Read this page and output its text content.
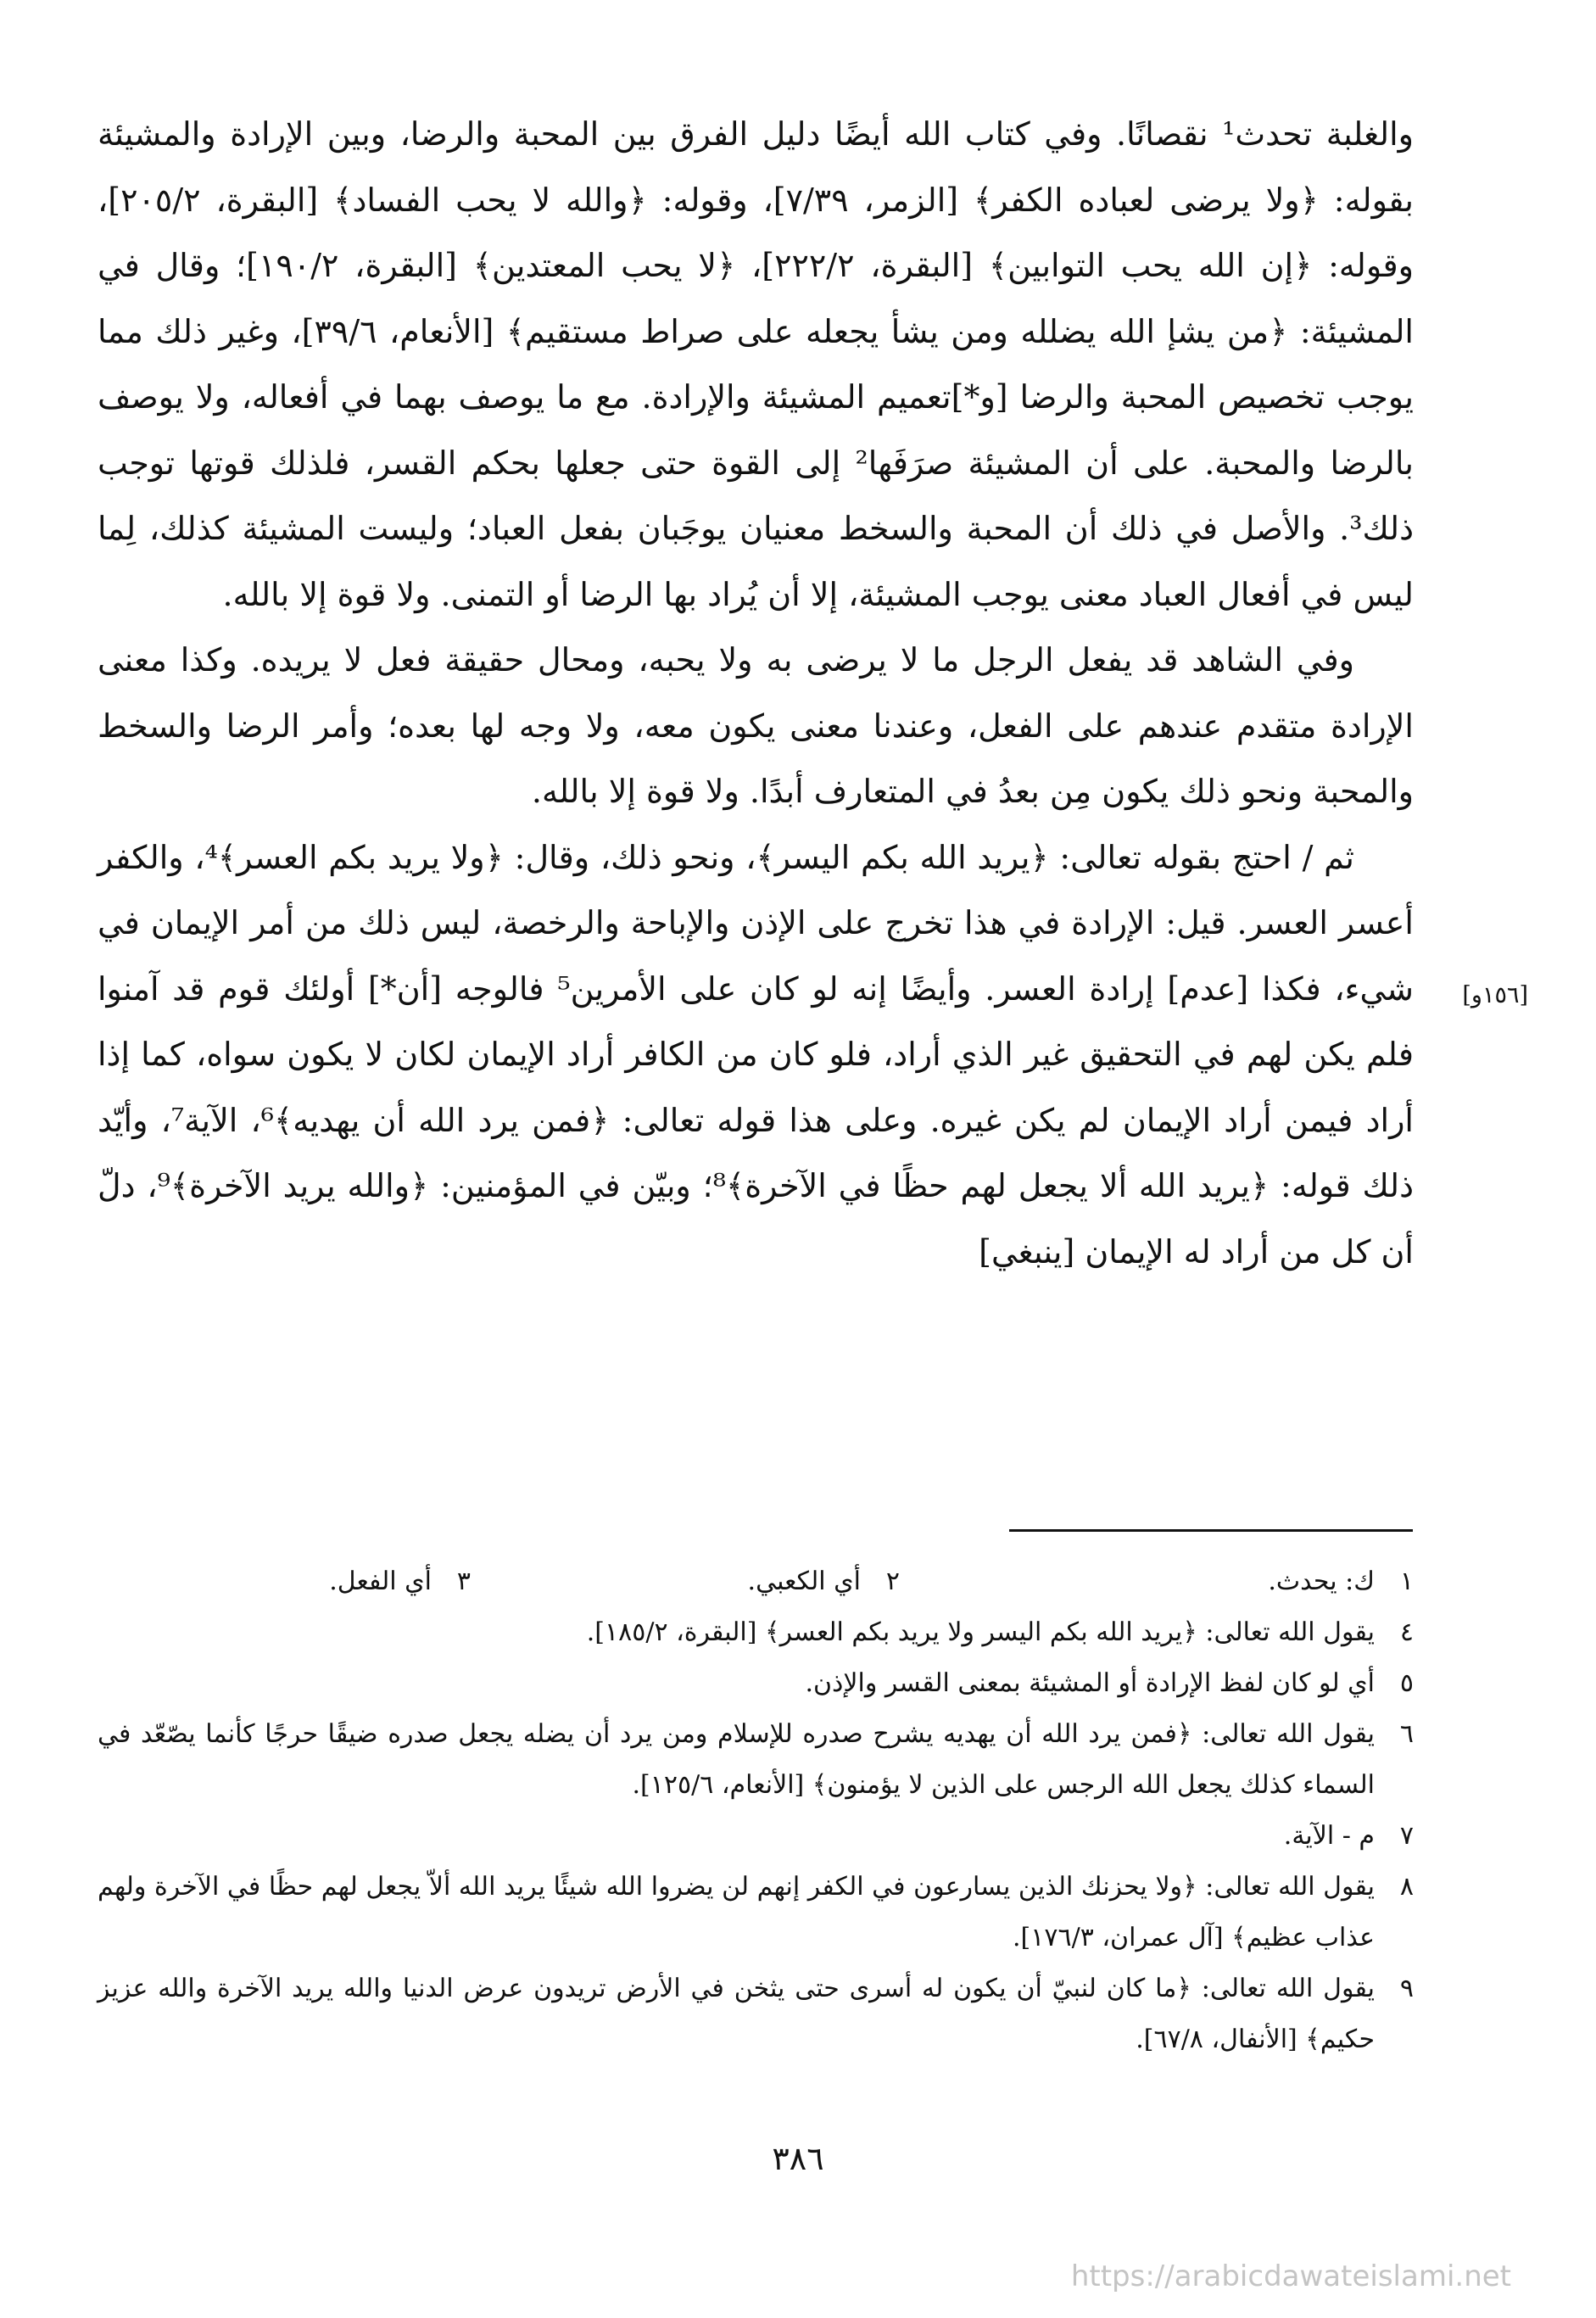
والغلبة تحدث¹ نقصانًا. وفي كتاب الله أيضًا دليل الفرق بين المحبة والرضا، وبين الإرادة والمشيئة بقوله: ﴿ولا يرضى لعباده الكفر﴾ [الزمر، ٧/٣٩]، وقوله: ﴿والله لا يحب الفساد﴾ [البقرة، ٢٠٥/٢]، وقوله: ﴿إن الله يحب التوابين﴾ [البقرة، ٢٢٢/٢]، ﴿لا يحب المعتدين﴾ [البقرة، ١٩٠/٢]؛ وقال في المشيئة: ﴿من يشإ الله يضلله ومن يشأ يجعله على صراط مستقيم﴾ [الأنعام، ٣٩/٦]، وغير ذلك مما يوجب تخصيص المحبة والرضا [و*]تعميم المشيئة والإرادة. مع ما يوصف بهما في أفعاله، ولا يوصف بالرضا والمحبة. على أن المشيئة صرَفَها² إلى القوة حتى جعلها بحكم القسر، فلذلك قوتها توجب ذلك³. والأصل في ذلك أن المحبة والسخط معنيان يوجَبان بفعل العباد؛ وليست المشيئة كذلك، لِما ليس في أفعال العباد معنى يوجب المشيئة، إلا أن يُراد بها الرضا أو التمنى. ولا قوة إلا بالله.

وفي الشاهد قد يفعل الرجل ما لا يرضى به ولا يحبه، ومحال حقيقة فعل لا يريده. وكذا معنى الإرادة متقدم عندهم على الفعل، وعندنا معنى يكون معه، ولا وجه لها بعده؛ وأمر الرضا والسخط والمحبة ونحو ذلك يكون مِن بعدُ في المتعارف أبدًا. ولا قوة إلا بالله.

ثم / احتج بقوله تعالى: ﴿يريد الله بكم اليسر﴾، ونحو ذلك، وقال: ﴿ولا يريد بكم العسر﴾⁴، والكفر أعسر العسر. قيل: الإرادة في هذا تخرج على الإذن والإباحة والرخصة، ليس ذلك من أمر الإيمان في شيء، فكذا [عدم] إرادة العسر. وأيضًا إنه لو كان على الأمرين⁵ فالوجه [أن*] أولئك قوم قد آمنوا فلم يكن لهم في التحقيق غير الذي أراد، فلو كان من الكافر أراد الإيمان لكان لا يكون سواه، كما إذا أراد فيمن أراد الإيمان لم يكن غيره. وعلى هذا قوله تعالى: ﴿فمن يرد الله أن يهديه﴾⁶، الآية⁷، وأيّد ذلك قوله: ﴿يريد الله ألا يجعل لهم حظًا في الآخرة﴾⁸؛ وبيّن في المؤمنين: ﴿والله يريد الآخرة﴾⁹، دلّ أن كل من أراد له الإيمان [ينبغي]

[١٥٦و]
١
ك: يحدث.
٢
أي الكعبي.
٣
أي الفعل.
٤
يقول الله تعالى: ﴿يريد الله بكم اليسر ولا يريد بكم العسر﴾ [البقرة، ١٨٥/٢].
٥
أي لو كان لفظ الإرادة أو المشيئة بمعنى القسر والإذن.
٦
يقول الله تعالى: ﴿فمن يرد الله أن يهديه يشرح صدره للإسلام ومن يرد أن يضله يجعل صدره ضيقًا حرجًا كأنما يصّعّد في السماء كذلك يجعل الله الرجس على الذين لا يؤمنون﴾ [الأنعام، ١٢٥/٦].
٧
م - الآية.
٨
يقول الله تعالى: ﴿ولا يحزنك الذين يسارعون في الكفر إنهم لن يضروا الله شيئًا يريد الله ألاّ يجعل لهم حظًا في الآخرة ولهم عذاب عظيم﴾ [آل عمران، ١٧٦/٣].
٩
يقول الله تعالى: ﴿ما كان لنبيّ أن يكون له أسرى حتى يثخن في الأرض تريدون عرض الدنيا والله يريد الآخرة والله عزيز حكيم﴾ [الأنفال، ٦٧/٨].
٣٨٦
https://arabicdawateislami.net
